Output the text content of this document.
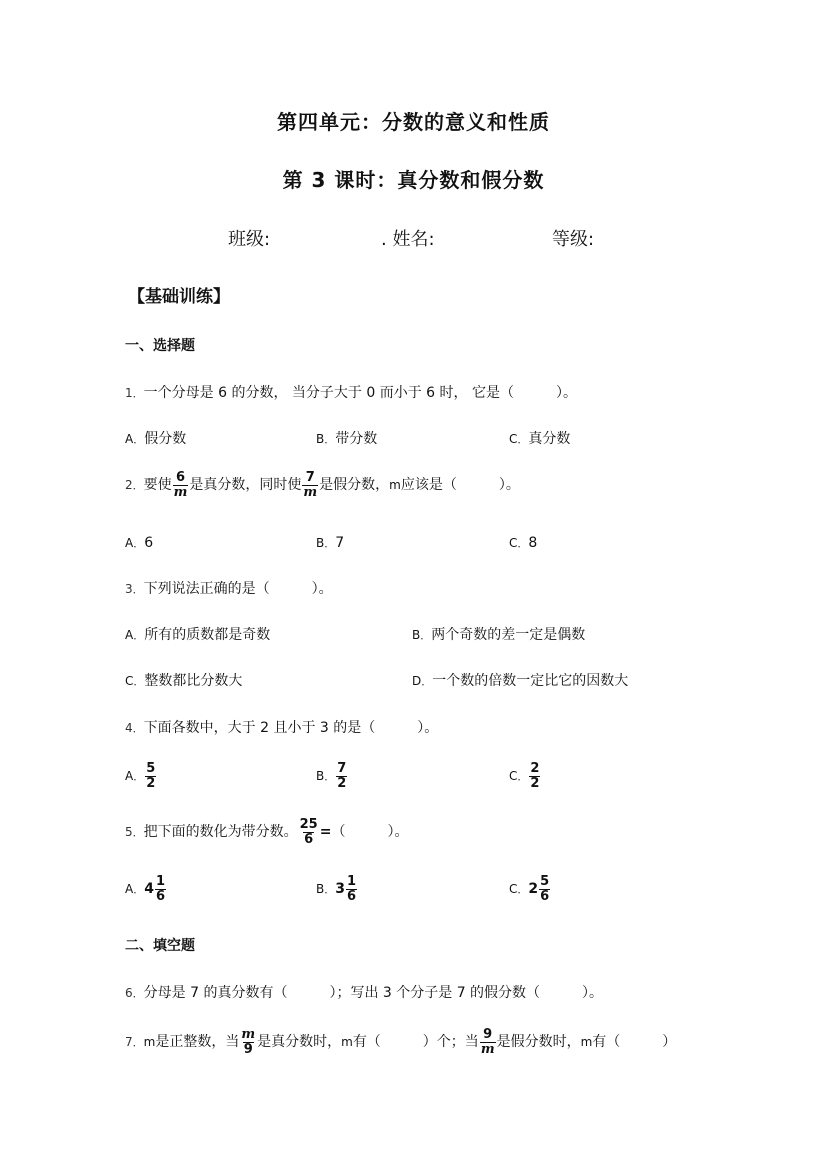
第四单元：分数的意义和性质
第 3 课时：真分数和假分数
班级:	. 姓名:	等级:
【基础训练】
一、选择题
1．一个分母是 6 的分数， 当分子大于 0 而小于 6 时， 它是（　　　）。
A．假分数	B．带分数	C．真分数
2．要使 $\frac{6}{m}$ 是真分数，同时使 $\frac{7}{m}$ 是假分数，m应该是（　　　）。
A．6	B．7	C．8
3．下列说法正确的是（　　　）。
A．所有的质数都是奇数	B．两个奇数的差一定是偶数
C．整数都比分数大	D．一个数的倍数一定比它的因数大
4．下面各数中，大于 2 且小于 3 的是（　　　）。
A． $\frac{5}{2}$	B． $\frac{7}{2}$	C． $\frac{2}{2}$
5．把下面的数化为带分数。 $\frac{25}{6}$ =（　　　）。
A．$4 \frac{1}{6}$	B．$3 \frac{1}{6}$	C．$2 \frac{5}{6}$
二、填空题
6．分母是 7 的真分数有（　　　）；写出 3 个分子是 7 的假分数（　　　）。
7．m是正整数，当 $\frac{m}{9}$ 是真分数时，m有（　　　）个；当 $\frac{9}{m}$ 是假分数时，m有（　　　）
